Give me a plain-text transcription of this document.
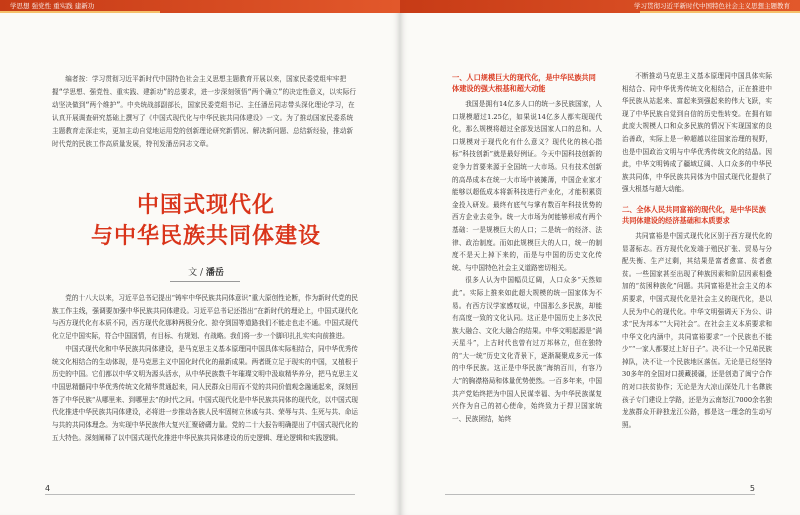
学思想 强党性 重实践 建新功
编者按：学习贯彻习近平新时代中国特色社会主义思想主题教育开展以来，国家民委党组牢牢把握“学思想、强党性、重实践、建新功”的总要求，进一步深刻领悟“两个确立”的决定性意义，以实际行动坚决做到“两个维护”。中央统战部副部长，国家民委党组书记、主任潘岳同志带头深化理论学习，在认真开展调查研究基础上撰写了《中国式现代化与中华民族共同体建设》一文。为了推动国家民委系统主题教育走深走实，更加主动自觉地运用党的创新理论研究新情况、解决新问题、总结新经验，推动新时代党的民族工作高质量发展，特刊发潘岳同志文章。
中国式现代化
与中华民族共同体建设
文 / 潘岳

党的十八大以来，习近平总书记提出“铸牢中华民族共同体意识”重大原创性论断，作为新时代党的民族工作主线，强调要加强中华民族共同体建设。习近平总书记还指出“在新时代的理论上，中国式现代化与西方现代化有本质不同，西方现代化那种两极分化、掠夺到国等道路我们不能走也走不通。中国式现代化立足中国实际，符合中国国情，有目标、有规划、有战略。我们将一步一个脚印扎扎实实向前推进。

中国式现代化和中华民族共同体建设，是马克思主义基本原理同中国具体实际相结合，同中华优秀传统文化相结合的生动体现，是马克思主义中国化时代化的最新成果。两者既立足于现实的中国，又植根于历史的中国。它们都以中华文明为源头活水，从中华民族数千年璀璨文明中汲取精华养分，把马克思主义中国思精髓同中华优秀传统文化精华贯通起来，同人民群众日用而不觉的共同价值观念融通起来，深刻回答了中华民族“从哪里来、到哪里去”的时代之问。中国式现代化是中华民族共同体的现代化，以中国式现代化推进中华民族共同体建设，必将进一步推动各族人民牢固树立休戚与共、荣辱与共、生死与共、命运与共的共同体理念。为实现中华民族伟大复兴汇聚磅礴力量。党的二十大报告明确提出了中国式现代化的五大特色。深刻阐释了以中国式现代化推进中华民族共同体建设的历史逻辑、理论逻辑和实践逻辑。

4
学习贯彻习近平新时代中国特色社会主义思想主题教育
一、人口规模巨大的现代化，是中华民族共同体建设的强大根基和超大动能

我国是拥有14亿多人口的统一多民族国家，人口规模超过1.25亿，如果说14亿多人都实现现代化，那么规模将超过全部发达国家人口的总和。人口规模对于现代化有什么意义？现代化的核心指标“科技创新”就是最好例证。今天中国科技创新的竞争力首要来源于全国统一大市场。只有技术创新的高昂成本在统一大市场中被摊薄，中国企业家才能够以超低成本将新科技进行产业化，才能积累资金投入研发。最终有底气与掌有数百年科技优势的西方企业去竞争。统一大市场为何能够形成有两个基础：一是规模巨大的人口；二是统一的经济、法律、政治制度。而如此规模巨大的人口，统一的制度不是天上掉下来的，而是与中国的历史文化传统、与中国特色社会主义道路密切相关。

很多人认为中国幅员辽阔，人口众多“天然如此”。实际上推来如此超大规模的统一国家体为不易。有西方汉学家感叹说，中国那么多民族，却能有高度一致的文化认同。这正是中国历史上多次民族大融合、文化大融合的结果。中华文明起源是“满天星斗”，上古时代也曾有过万邦林立，但在独特的“大一统”历史文化背景下，逐渐凝聚成多元一体的中华民族。这正是中华民族“海纳百川，有容乃大”的胸襟格局和体量优势使然。一百多年来，中国共产党始终把为中国人民谋幸福、为中华民族谋复兴作为自己的初心使命，始终致力于捍卫国家统一、民族团结，始终

不断推动马克思主义基本原理同中国具体实际相结合、同中华优秀传统文化相结合，正在推进中华民族从站起来、富起来到强起来的伟大飞跃，实现了中华民族自觉到自信的历史性转变。在拥有如此庞大规模人口和众多民族的情况下实现国家的良治善政，实际上是一种超越以往国家治理的视野，也是中国政治文明与中华优秀传统文化的结晶。因此，中华文明铸成了疆域辽阔、人口众多的中华民族共同体，中华民族共同体为中国式现代化提供了强大根基与超大动能。

二、全体人民共同富裕的现代化，是中华民族共同体建设的经济基础和本质要求

共同富裕是中国式现代化区别于西方现代化的显著标志。西方现代化发端于殖民扩张、贸易与分配失衡、生产过剩，其结果是富者愈富、贫者愈贫。一些国家甚至出现了种族因素和阶层因素相叠加的“贫困种族化”问题。共同富裕是社会主义的本质要求，中国式现代化是社会主义的现代化，是以人民为中心的现代化。中华文明强调天下为公、讲求“民为邦本”“大同社会”。在社会主义本质要求和中华文化内涵中，共同富裕要求“一个民族也不能少”“一家人都要过上好日子”。决不让一个兄弟民族掉队，决不让一个民族地区落伍。无论是已经坚持30多年的全国对口援藏援疆，还是创造了闽宁合作的对口扶贫协作；无论是为大凉山深处几十名彝族孩子专门建设上学路，还是为云南怒江7000余名独龙族群众开辟独龙江公路，都是这一理念的生动写照。

5
